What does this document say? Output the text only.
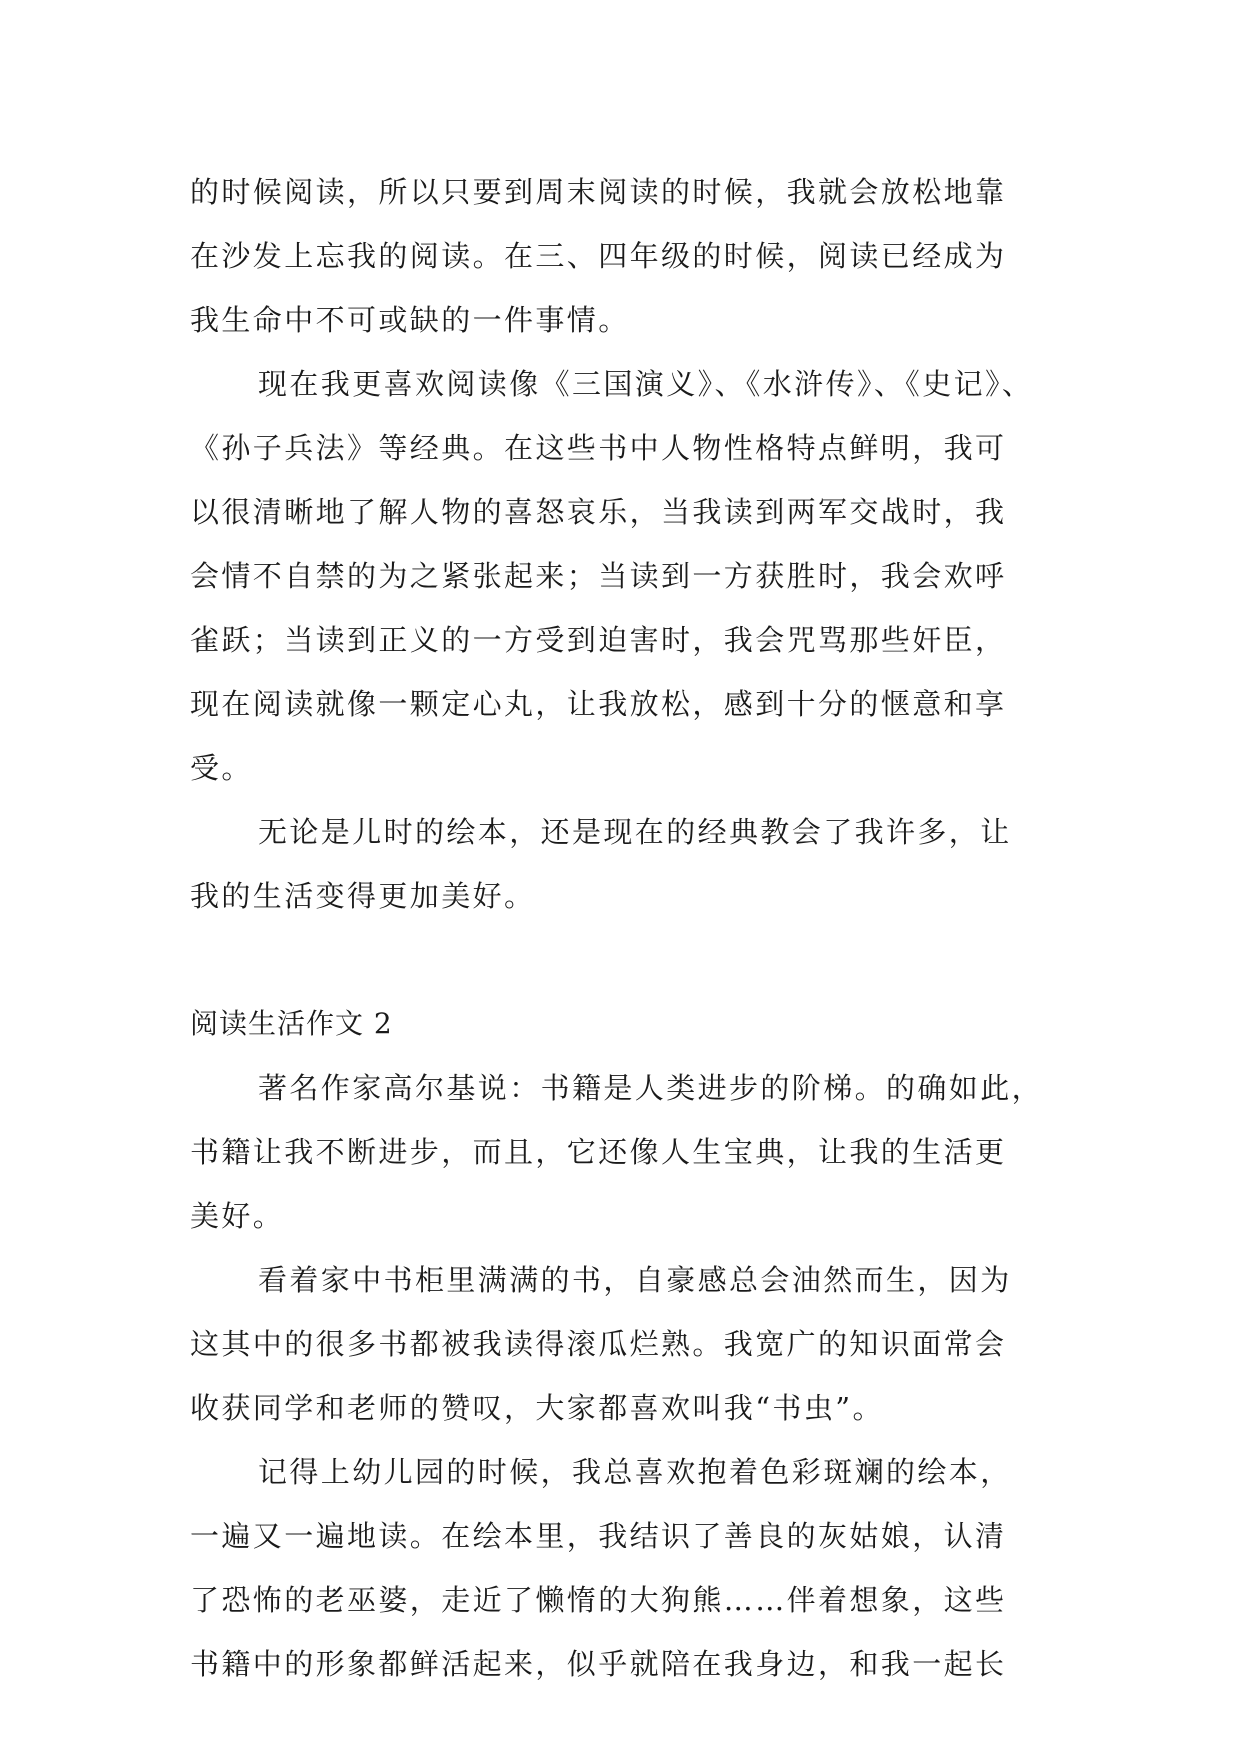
的时候阅读，所以只要到周末阅读的时候，我就会放松地靠
在沙发上忘我的阅读。在三、四年级的时候，阅读已经成为
我生命中不可或缺的一件事情。
现在我更喜欢阅读像《三国演义》、《水浒传》、《史记》、
《孙子兵法》等经典。在这些书中人物性格特点鲜明，我可
以很清晰地了解人物的喜怒哀乐，当我读到两军交战时，我
会情不自禁的为之紧张起来；当读到一方获胜时，我会欢呼
雀跃；当读到正义的一方受到迫害时，我会咒骂那些奸臣，
现在阅读就像一颗定心丸，让我放松，感到十分的惬意和享
受。
无论是儿时的绘本，还是现在的经典教会了我许多，让
我的生活变得更加美好。
阅读生活作文 2
著名作家高尔基说：书籍是人类进步的阶梯。的确如此，
书籍让我不断进步，而且，它还像人生宝典，让我的生活更
美好。
看着家中书柜里满满的书，自豪感总会油然而生，因为
这其中的很多书都被我读得滚瓜烂熟。我宽广的知识面常会
收获同学和老师的赞叹，大家都喜欢叫我“书虫”。
记得上幼儿园的时候，我总喜欢抱着色彩斑斓的绘本，
一遍又一遍地读。在绘本里，我结识了善良的灰姑娘，认清
了恐怖的老巫婆，走近了懒惰的大狗熊……伴着想象，这些
书籍中的形象都鲜活起来，似乎就陪在我身边，和我一起长
